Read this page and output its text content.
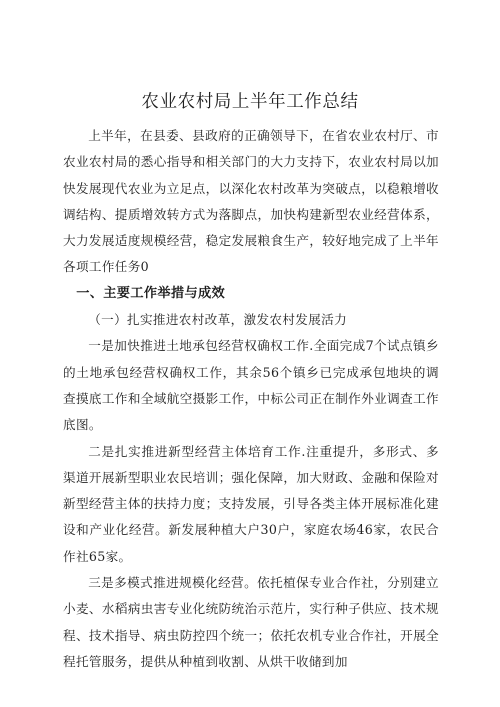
农业农村局上半年工作总结

上半年，在县委、县政府的正确领导下，在省农业农村厅、市农业农村局的悉心指导和相关部门的大力支持下，农业农村局以加快发展现代农业为立足点，以深化农村改革为突破点，以稳粮增收调结构、提质增效转方式为落脚点，加快构建新型农业经营体系，大力发展适度规模经营，稳定发展粮食生产，较好地完成了上半年各项工作任务0

一、主要工作举措与成效
（一）扎实推进农村改革，激发农村发展活力

一是加快推进土地承包经营权确权工作.全面完成7个试点镇乡的土地承包经营权确权工作，其余56个镇乡已完成承包地块的调查摸底工作和全域航空摄影工作，中标公司正在制作外业调查工作底图。

二是扎实推进新型经营主体培育工作.注重提升，多形式、多渠道开展新型职业农民培训；强化保障，加大财政、金融和保险对新型经营主体的扶持力度；支持发展，引导各类主体开展标准化建设和产业化经营。新发展种植大户30户，家庭农场46家，农民合作社65家。

三是多模式推进规模化经营。依托植保专业合作社，分别建立小麦、水稻病虫害专业化统防统治示范片，实行种子供应、技术规程、技术指导、病虫防控四个统一；依托农机专业合作社，开展全程托管服务，提供从种植到收割、从烘干收储到加
